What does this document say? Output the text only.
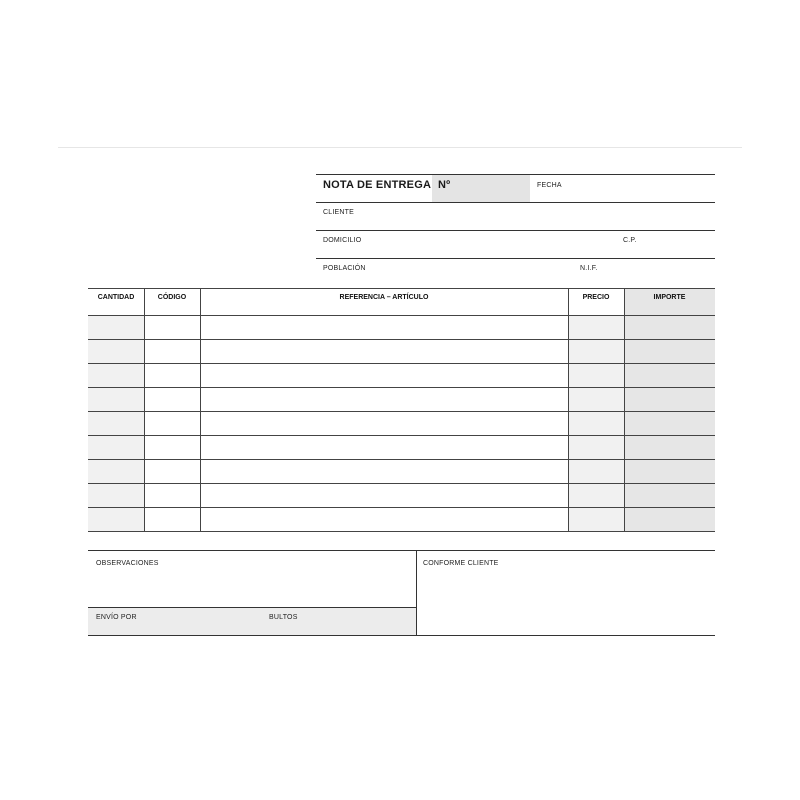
NOTA DE ENTREGA Nº	FECHA
CLIENTE
DOMICILIO	C.P.
POBLACIÓN	N.I.F.
CANTIDAD	CÓDIGO	REFERENCIA – ARTÍCULO	PRECIO	IMPORTE
OBSERVACIONES	CONFORME CLIENTE
ENVÍO POR	BULTOS
